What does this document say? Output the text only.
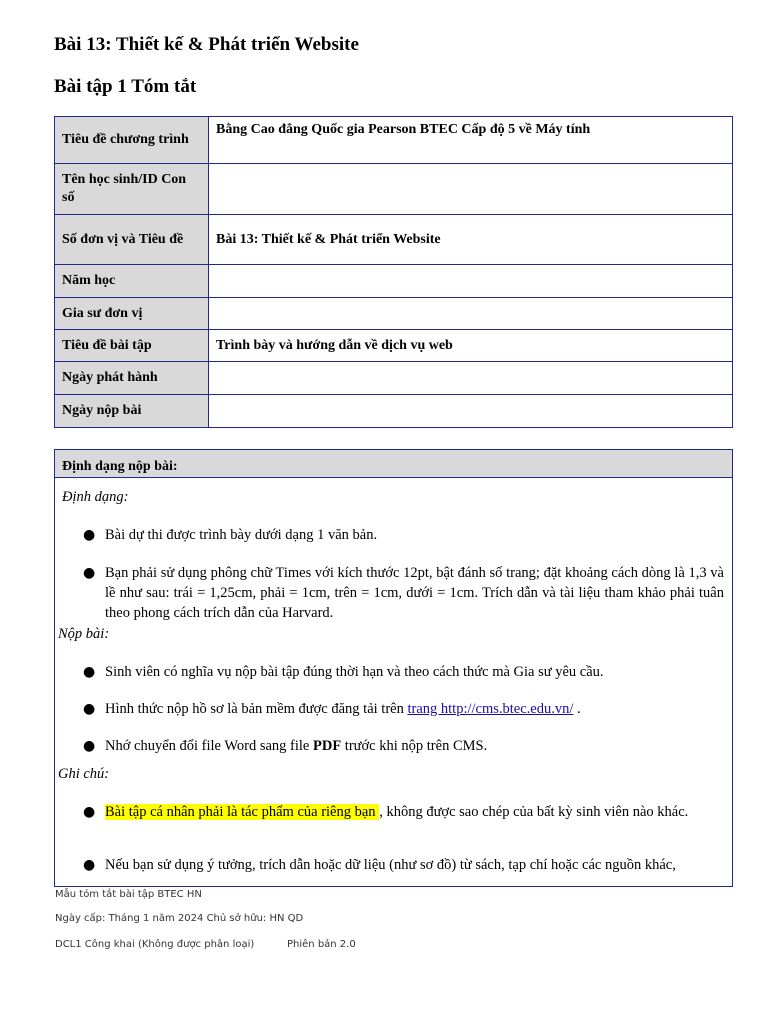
Bài 13: Thiết kế & Phát triển Website
Bài tập 1 Tóm tắt
Tiêu đề chương trình	Bằng Cao đẳng Quốc gia Pearson BTEC Cấp độ 5 về Máy tính
Tên học sinh/ID Con số	
Số đơn vị và Tiêu đề	Bài 13: Thiết kế & Phát triển Website
Năm học	
Gia sư đơn vị	
Tiêu đề bài tập	Trình bày và hướng dẫn về dịch vụ web
Ngày phát hành	
Ngày nộp bài	
Định dạng nộp bài:
Định dạng:
● Bài dự thi được trình bày dưới dạng 1 văn bản.
● Bạn phải sử dụng phông chữ Times với kích thước 12pt, bật đánh số trang; đặt khoảng cách dòng là 1,3 và lề như sau: trái = 1,25cm, phải = 1cm, trên = 1cm, dưới = 1cm. Trích dẫn và tài liệu tham khảo phải tuân theo phong cách trích dẫn của Harvard.
Nộp bài:
● Sinh viên có nghĩa vụ nộp bài tập đúng thời hạn và theo cách thức mà Gia sư yêu cầu.
● Hình thức nộp hồ sơ là bản mềm được đăng tải trên trang http://cms.btec.edu.vn/ .
● Nhớ chuyển đổi file Word sang file PDF trước khi nộp trên CMS.
Ghi chú:
● Bài tập cá nhân phải là tác phẩm của riêng bạn , không được sao chép của bất kỳ sinh viên nào khác.
● Nếu bạn sử dụng ý tưởng, trích dẫn hoặc dữ liệu (như sơ đồ) từ sách, tạp chí hoặc các nguồn khác,
Mẫu tóm tắt bài tập BTEC HN
Ngày cấp: Tháng 1 năm 2024 Chủ sở hữu: HN QD
DCL1 Công khai (Không được phân loại)	Phiên bản 2.0
